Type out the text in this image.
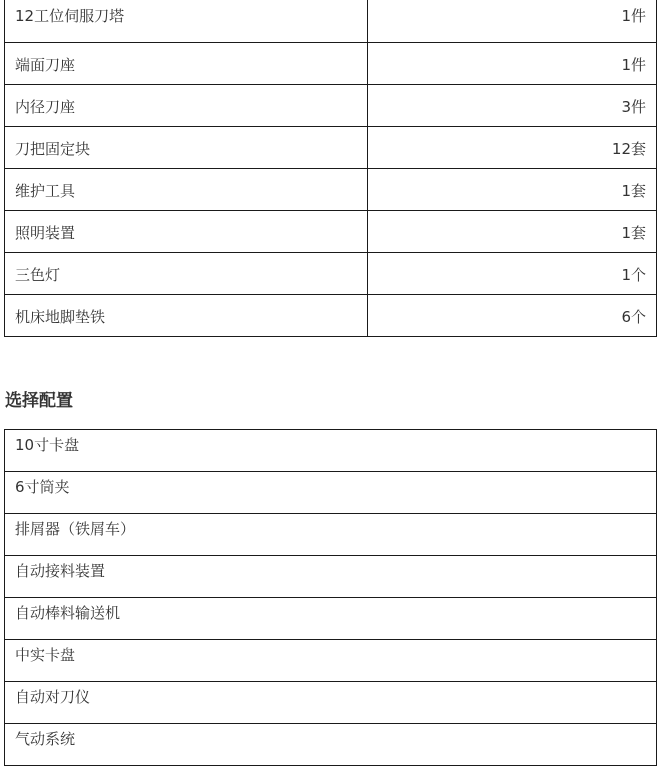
12工位伺服刀塔	1件

端面刀座	1件

内径刀座	3件

刀把固定块	12套

维护工具	1套

照明装置	1套

三色灯	1个

机床地脚垫铁	6个
选择配置
10寸卡盘

6寸筒夹

排屑器（铁屑车）

自动接料装置

自动棒料输送机

中实卡盘

自动对刀仪

气动系统
